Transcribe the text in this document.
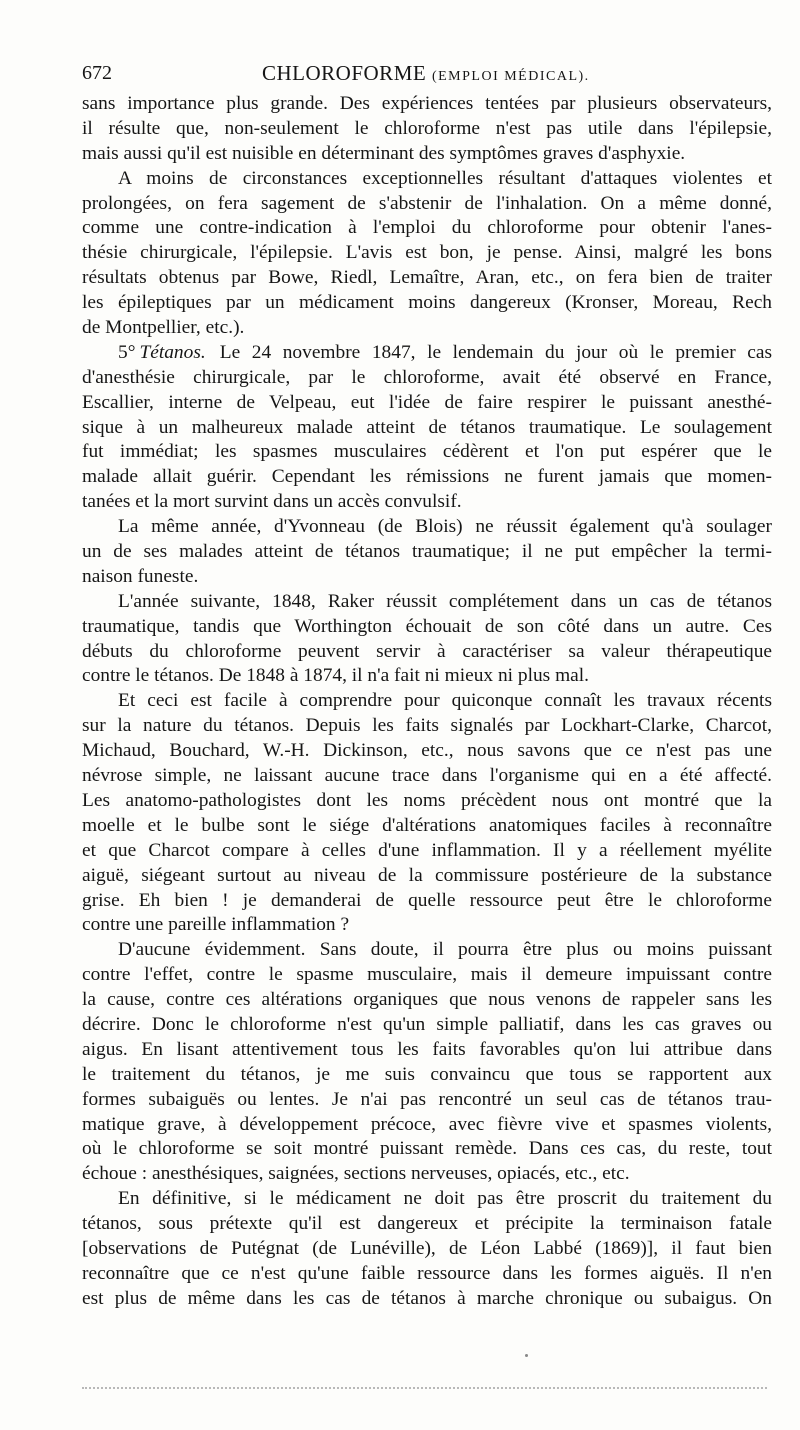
672	CHLOROFORME (EMPLOI MÉDICAL).
sans importance plus grande. Des expériences tentées par plusieurs observateurs,
il résulte que, non-seulement le chloroforme n'est pas utile dans l'épilepsie,
mais aussi qu'il est nuisible en déterminant des symptômes graves d'asphyxie.
A moins de circonstances exceptionnelles résultant d'attaques violentes et
prolongées, on fera sagement de s'abstenir de l'inhalation. On a même donné,
comme une contre-indication à l'emploi du chloroforme pour obtenir l'anes-
thésie chirurgicale, l'épilepsie. L'avis est bon, je pense. Ainsi, malgré les bons
résultats obtenus par Bowe, Riedl, Lemaître, Aran, etc., on fera bien de traiter
les épileptiques par un médicament moins dangereux (Kronser, Moreau, Rech
de Montpellier, etc.).
5° Tétanos. Le 24 novembre 1847, le lendemain du jour où le premier cas
d'anesthésie chirurgicale, par le chloroforme, avait été observé en France,
Escallier, interne de Velpeau, eut l'idée de faire respirer le puissant anesthé-
sique à un malheureux malade atteint de tétanos traumatique. Le soulagement
fut immédiat; les spasmes musculaires cédèrent et l'on put espérer que le
malade allait guérir. Cependant les rémissions ne furent jamais que momen-
tanées et la mort survint dans un accès convulsif.
La même année, d'Yvonneau (de Blois) ne réussit également qu'à soulager
un de ses malades atteint de tétanos traumatique; il ne put empêcher la termi-
naison funeste.
L'année suivante, 1848, Raker réussit complétement dans un cas de tétanos
traumatique, tandis que Worthington échouait de son côté dans un autre. Ces
débuts du chloroforme peuvent servir à caractériser sa valeur thérapeutique
contre le tétanos. De 1848 à 1874, il n'a fait ni mieux ni plus mal.
Et ceci est facile à comprendre pour quiconque connaît les travaux récents
sur la nature du tétanos. Depuis les faits signalés par Lockhart-Clarke, Charcot,
Michaud, Bouchard, W.-H. Dickinson, etc., nous savons que ce n'est pas une
névrose simple, ne laissant aucune trace dans l'organisme qui en a été affecté.
Les anatomo-pathologistes dont les noms précèdent nous ont montré que la
moelle et le bulbe sont le siége d'altérations anatomiques faciles à reconnaître
et que Charcot compare à celles d'une inflammation. Il y a réellement myélite
aiguë, siégeant surtout au niveau de la commissure postérieure de la substance
grise. Eh bien ! je demanderai de quelle ressource peut être le chloroforme
contre une pareille inflammation ?
D'aucune évidemment. Sans doute, il pourra être plus ou moins puissant
contre l'effet, contre le spasme musculaire, mais il demeure impuissant contre
la cause, contre ces altérations organiques que nous venons de rappeler sans les
décrire. Donc le chloroforme n'est qu'un simple palliatif, dans les cas graves ou
aigus. En lisant attentivement tous les faits favorables qu'on lui attribue dans
le traitement du tétanos, je me suis convaincu que tous se rapportent aux
formes subaiguës ou lentes. Je n'ai pas rencontré un seul cas de tétanos trau-
matique grave, à développement précoce, avec fièvre vive et spasmes violents,
où le chloroforme se soit montré puissant remède. Dans ces cas, du reste, tout
échoue : anesthésiques, saignées, sections nerveuses, opiacés, etc., etc.
En définitive, si le médicament ne doit pas être proscrit du traitement du
tétanos, sous prétexte qu'il est dangereux et précipite la terminaison fatale
[observations de Putégnat (de Lunéville), de Léon Labbé (1869)], il faut bien
reconnaître que ce n'est qu'une faible ressource dans les formes aiguës. Il n'en
est plus de même dans les cas de tétanos à marche chronique ou subaigus. On
